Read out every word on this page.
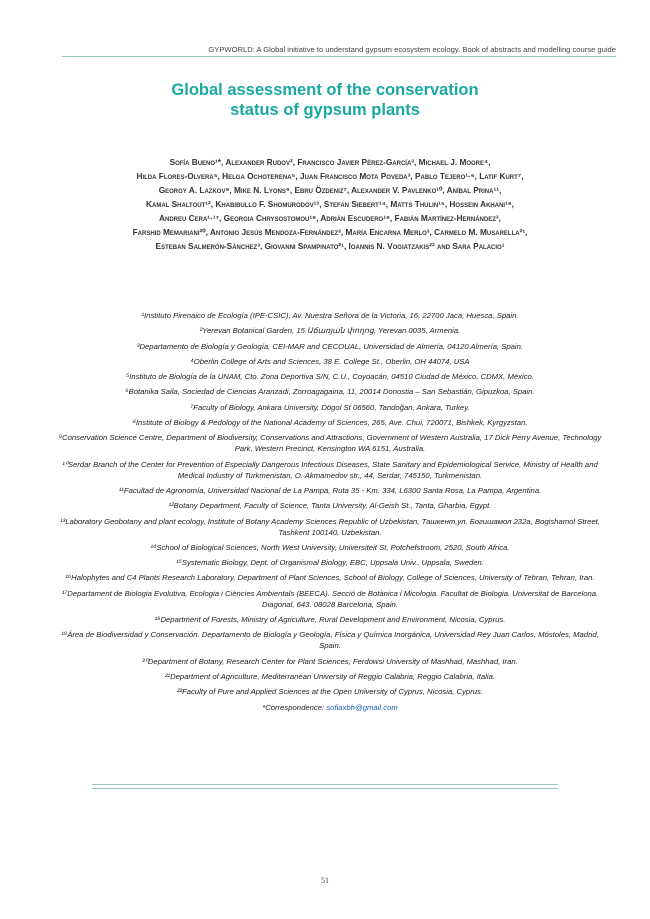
GYPWORLD: A Global initiative to understand gypsum ecosystem ecology. Book of abstracts and modelling course guide
Global assessment of the conservation
status of gypsum plants
Sofía Bueno¹*, Alexander Rudov², Francisco Javier Pérez-García³, Michael J. Moore⁴,
Hilda Flores-Olvera⁵, Helga Ochoterena⁵, Juan Francisco Mota Poveda³, Pablo Tejero¹·⁶, Latif Kurt⁷,
Georgy A. Lazkov⁸, Mike N. Lyons⁹, Ebru Özdeniz⁷, Alexander V. Pavlenko¹⁰, Aníbal Prina¹¹,
Kamal Shaltout¹², Khabibullo F. Shomurodov¹³, Stefan Siebert¹⁴, Matts Thulin¹⁵, Hossein Akhani¹⁶,
Andreu Cera¹·¹⁷, Georgia Chrysostomou¹⁸, Adrián Escudero¹⁹, Fabián Martínez-Hernández³,
Farshid Memariani²⁰, Antonio Jesús Mendoza-Fernández³, María Encarna Merlo³, Carmelo M. Musarella²¹,
Esteban Salmerón-Sánchez³, Giovanni Spampinato²¹, Ioannis N. Vogiatzakis²² and Sara Palacio¹
¹Instituto Pirenaico de Ecología (IPE-CSIC), Av. Nuestra Señora de la Victoria, 16, 22700 Jaca, Huesca, Spain.
²Yerevan Botanical Garden, 15 Աճառյան փողոց, Yerevan 0035, Armenia.
³Departamento de Biología y Geología, CEI-MAR and CECOUAL, Universidad de Almería, 04120 Almería, Spain.
⁴Oberlin College of Arts and Sciences, 38 E. College St., Oberlin, OH 44074, USA
⁵Instituto de Biología de la UNAM, Cto. Zona Deportiva S/N, C.U., Coyoacán, 04510 Ciudad de México, CDMX, México.
⁶Botanika Saila, Sociedad de Ciencias Aranzadi, Zorroagagaina, 11, 20014 Donostia – San Sebastián, Gipuzkoa, Spain.
⁷Faculty of Biology, Ankara University, Dögol St 06560, Tandoğan, Ankara, Turkey.
⁸Institute of Biology & Pedology of the National Academy of Sciences, 265, Ave. Chui, 720071, Bishkek, Kyrgyzstan.
⁹Conservation Science Centre, Department of Biodiversity, Conservations and Attractions, Government of Western Australia, 17 Dick Perry Avenue, Technology Park, Western Precinct, Kensington WA 6151, Australia.
¹⁰Serdar Branch of the Center for Prevention of Especially Dangerous Infectious Diseases, State Sanitary and Epidemiological Service, Ministry of Health and Medical Industry of Turkmenistan, O. Akmamedov str., 44, Serdar, 745150, Turkmenistan.
¹¹Facultad de Agronomía, Universidad Nacional de La Pampa, Ruta 35 - Km. 334, L6300 Santa Rosa, La Pampa, Argentina.
¹²Botany Department, Faculty of Science, Tanta University, Al-Geish St., Tanta, Gharbia, Egypt.
¹³Laboratory Geobotany and plant ecology, Institute of Botany Academy Sciences Republic of Uzbekistan, Ташкент,ул. Богишамол 232а, Bogishamol Street, Tashkent 100140, Uzbekistan.
¹⁴School of Biological Sciences, North West University, Universiteit St, Potchefstroom, 2520, South Africa.
¹⁵Systematic Biology, Dept. of Organismal Biology, EBC, Uppsala Univ., Uppsala, Sweden.
¹⁶Halophytes and C4 Plants Research Laboratory, Department of Plant Sciences, School of Biology, College of Sciences, University of Tehran, Tehran, Iran.
¹⁷Departament de Biologia Evolutiva, Ecologia i Ciències Ambientals (BEECA). Secció de Botànica i Micologia. Facultat de Biologia. Universitat de Barcelona. Diagonal, 643. 08028 Barcelona, Spain.
¹⁸Department of Forests, Ministry of Agriculture, Rural Development and Environment, Nicosia, Cyprus.
¹⁹Área de Biodiversidad y Conservación. Departamento de Biología y Geología, Física y Química Inorgánica, Universidad Rey Juan Carlos, Móstoles, Madrid, Spain.
²⁰Department of Botany, Research Center for Plant Sciences, Ferdowsi University of Mashhad, Mashhad, Iran.
²¹Department of Agriculture, Mediterranean University of Reggio Calabria, Reggio Calabria, Italia.
²²Faculty of Pure and Applied Sciences at the Open University of Cyprus, Nicosia, Cyprus.
*Correspondence: sofiaxbh@gmail.com
51
